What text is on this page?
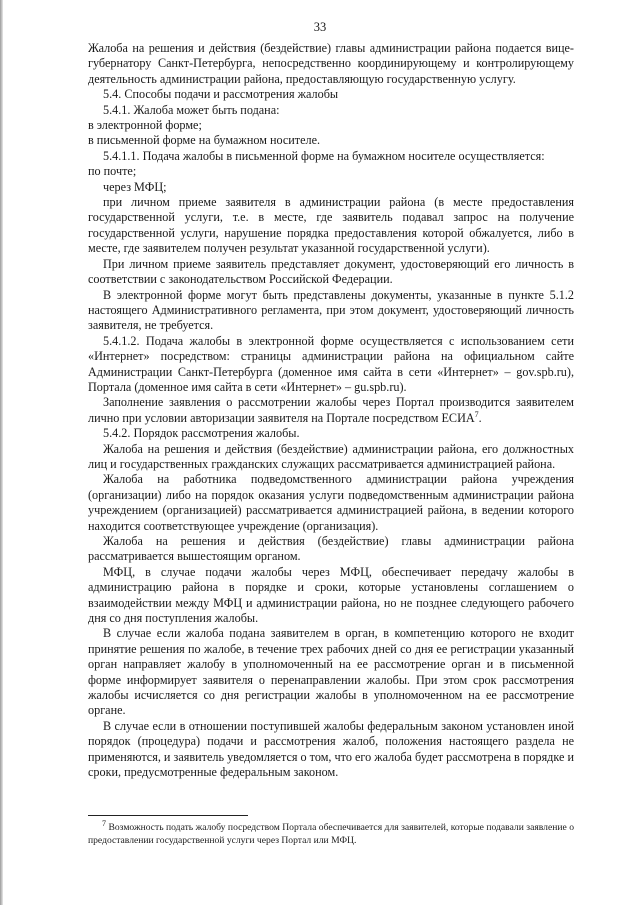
33

Жалоба на решения и действия (бездействие) главы администрации района подается вице-губернатору Санкт-Петербурга, непосредственно координирующему и контролирующему деятельность администрации района, предоставляющую государственную услугу.

5.4. Способы подачи и рассмотрения жалобы

5.4.1. Жалоба может быть подана:

в электронной форме;

в письменной форме на бумажном носителе.

5.4.1.1. Подача жалобы в письменной форме на бумажном носителе осуществляется:

по почте;

через МФЦ;

при личном приеме заявителя в администрации района (в месте предоставления государственной услуги, т.е. в месте, где заявитель подавал запрос на получение государственной услуги, нарушение порядка предоставления которой обжалуется, либо в месте, где заявителем получен результат указанной государственной услуги).

При личном приеме заявитель представляет документ, удостоверяющий его личность в соответствии с законодательством Российской Федерации.

В электронной форме могут быть представлены документы, указанные в пункте 5.1.2 настоящего Административного регламента, при этом документ, удостоверяющий личность заявителя, не требуется.

5.4.1.2. Подача жалобы в электронной форме осуществляется с использованием сети «Интернет» посредством: страницы администрации района на официальном сайте Администрации Санкт-Петербурга (доменное имя сайта в сети «Интернет» – gov.spb.ru), Портала (доменное имя сайта в сети «Интернет» – gu.spb.ru).

Заполнение заявления о рассмотрении жалобы через Портал производится заявителем лично при условии авторизации заявителя на Портале посредством ЕСИА$^7$.

5.4.2. Порядок рассмотрения жалобы.

Жалоба на решения и действия (бездействие) администрации района, его должностных лиц и государственных гражданских служащих рассматривается администрацией района.

Жалоба на работника подведомственного администрации района учреждения (организации) либо на порядок оказания услуги подведомственным администрации района учреждением (организацией) рассматривается администрацией района, в ведении которого находится соответствующее учреждение (организация).

Жалоба на решения и действия (бездействие) главы администрации района рассматривается вышестоящим органом.

МФЦ, в случае подачи жалобы через МФЦ, обеспечивает передачу жалобы в администрацию района в порядке и сроки, которые установлены соглашением о взаимодействии между МФЦ и администрации района, но не позднее следующего рабочего дня со дня поступления жалобы.

В случае если жалоба подана заявителем в орган, в компетенцию которого не входит принятие решения по жалобе, в течение трех рабочих дней со дня ее регистрации указанный орган направляет жалобу в уполномоченный на ее рассмотрение орган и в письменной форме информирует заявителя о перенаправлении жалобы. При этом срок рассмотрения жалобы исчисляется со дня регистрации жалобы в уполномоченном на ее рассмотрение органе.

В случае если в отношении поступившей жалобы федеральным законом установлен иной порядок (процедура) подачи и рассмотрения жалоб, положения настоящего раздела не применяются, и заявитель уведомляется о том, что его жалоба будет рассмотрена в порядке и сроки, предусмотренные федеральным законом.

$^7$ Возможность подать жалобу посредством Портала обеспечивается для заявителей, которые подавали заявление о предоставлении государственной услуги через Портал или МФЦ.
